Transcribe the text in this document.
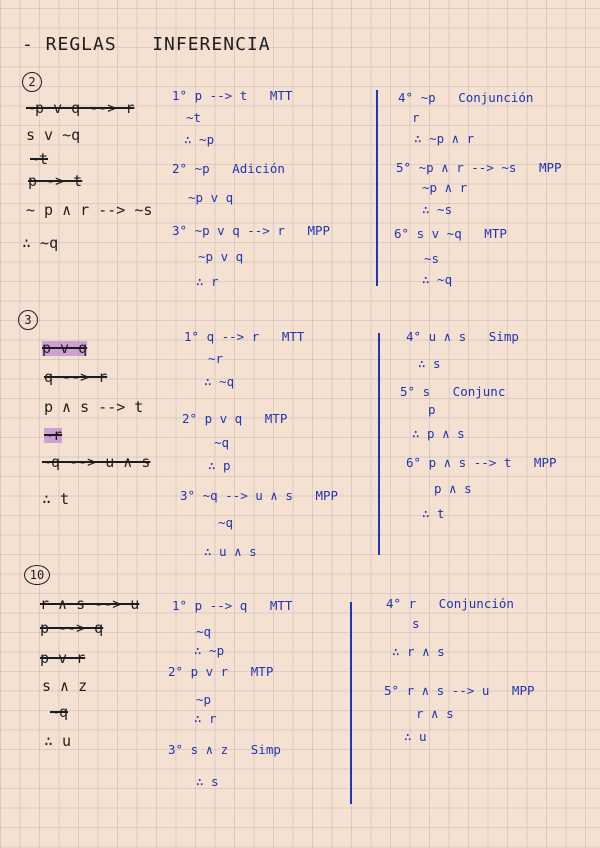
- REGLAS   INFERENCIA
2
~p v q --> r
s v ~q
~t
p -> t
~ p ∧ r --> ~s
∴ ~q
1° p --> t   MTT
~t
∴ ~p
2° ~p   Adición
~p v q
3° ~p v q --> r   MPP
~p v q
∴ r
4° ~p   Conjunción
r
∴ ~p ∧ r
5° ~p ∧ r --> ~s   MPP
~p ∧ r
∴ ~s
6° s v ~q   MTP
~s
∴ ~q
3
p v q
q --> r
p ∧ s --> t
~r
~q --> u ∧ s
∴ t
1° q --> r   MTT
~r
∴ ~q
2° p v q   MTP
~q
∴ p
3° ~q --> u ∧ s   MPP
~q
∴ u ∧ s
4° u ∧ s   Simp
∴ s
5° s   Conjunc
p
∴ p ∧ s
6° p ∧ s --> t   MPP
p ∧ s
∴ t
10
r ∧ s --> u
p --> q
p v r
s ∧ z
~q
∴ u
1° p --> q   MTT
~q
∴ ~p
2° p v r   MTP
~p
∴ r
3° s ∧ z   Simp
∴ s
4° r   Conjunción
s
∴ r ∧ s
5° r ∧ s --> u   MPP
r ∧ s
∴ u
